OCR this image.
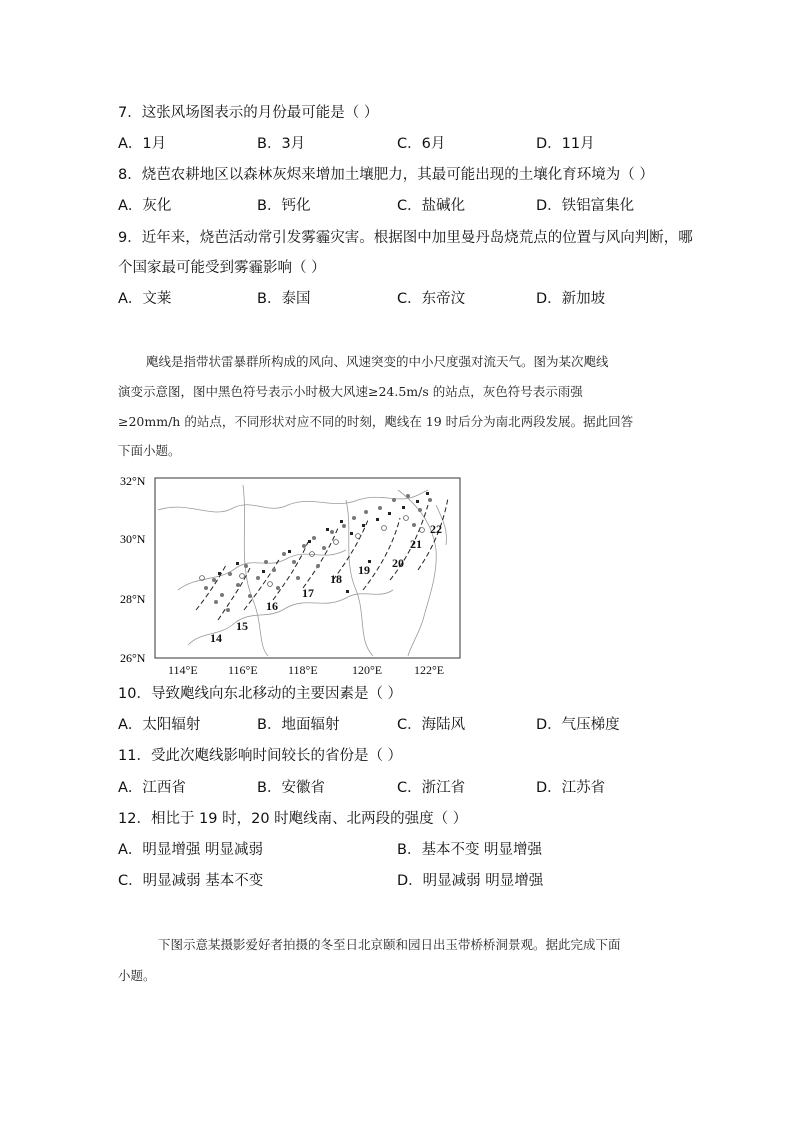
7．这张风场图表示的月份最可能是（ ）
A．1月	B．3月	C．6月	D．11月
8．烧芭农耕地区以森林灰烬来增加土壤肥力，其最可能出现的土壤化育环境为（ ）
A．灰化	B．钙化	C．盐碱化	D．铁铝富集化
9．近年来，烧芭活动常引发雾霾灾害。根据图中加里曼丹岛烧荒点的位置与风向判断，哪
个国家最可能受到雾霾影响（ ）
A．文莱	B．泰国	C．东帝汶	D．新加坡
飑线是指带状雷暴群所构成的风向、风速突变的中小尺度强对流天气。图为某次飑线
演变示意图，图中黑色符号表示小时极大风速≥24.5m/s 的站点，灰色符号表示雨强
≥20mm/h 的站点，不同形状对应不同的时刻，飑线在 19 时后分为南北两段发展。据此回答
下面小题。
32°N
30°N
28°N
26°N
14
15
16
17
18
19 20
21
22
114°E	116°E	118°E	120°E	122°E
10．导致飑线向东北移动的主要因素是（ ）
A．太阳辐射	B．地面辐射	C．海陆风	D．气压梯度
11．受此次飑线影响时间较长的省份是（ ）
A．江西省	B．安徽省	C．浙江省	D．江苏省
12．相比于 19 时，20 时飑线南、北两段的强度（ ）
A．明显增强 明显减弱	B．基本不变 明显增强
C．明显减弱 基本不变	D．明显减弱 明显增强
下图示意某摄影爱好者拍摄的冬至日北京颐和园日出玉带桥桥洞景观。据此完成下面
小题。
